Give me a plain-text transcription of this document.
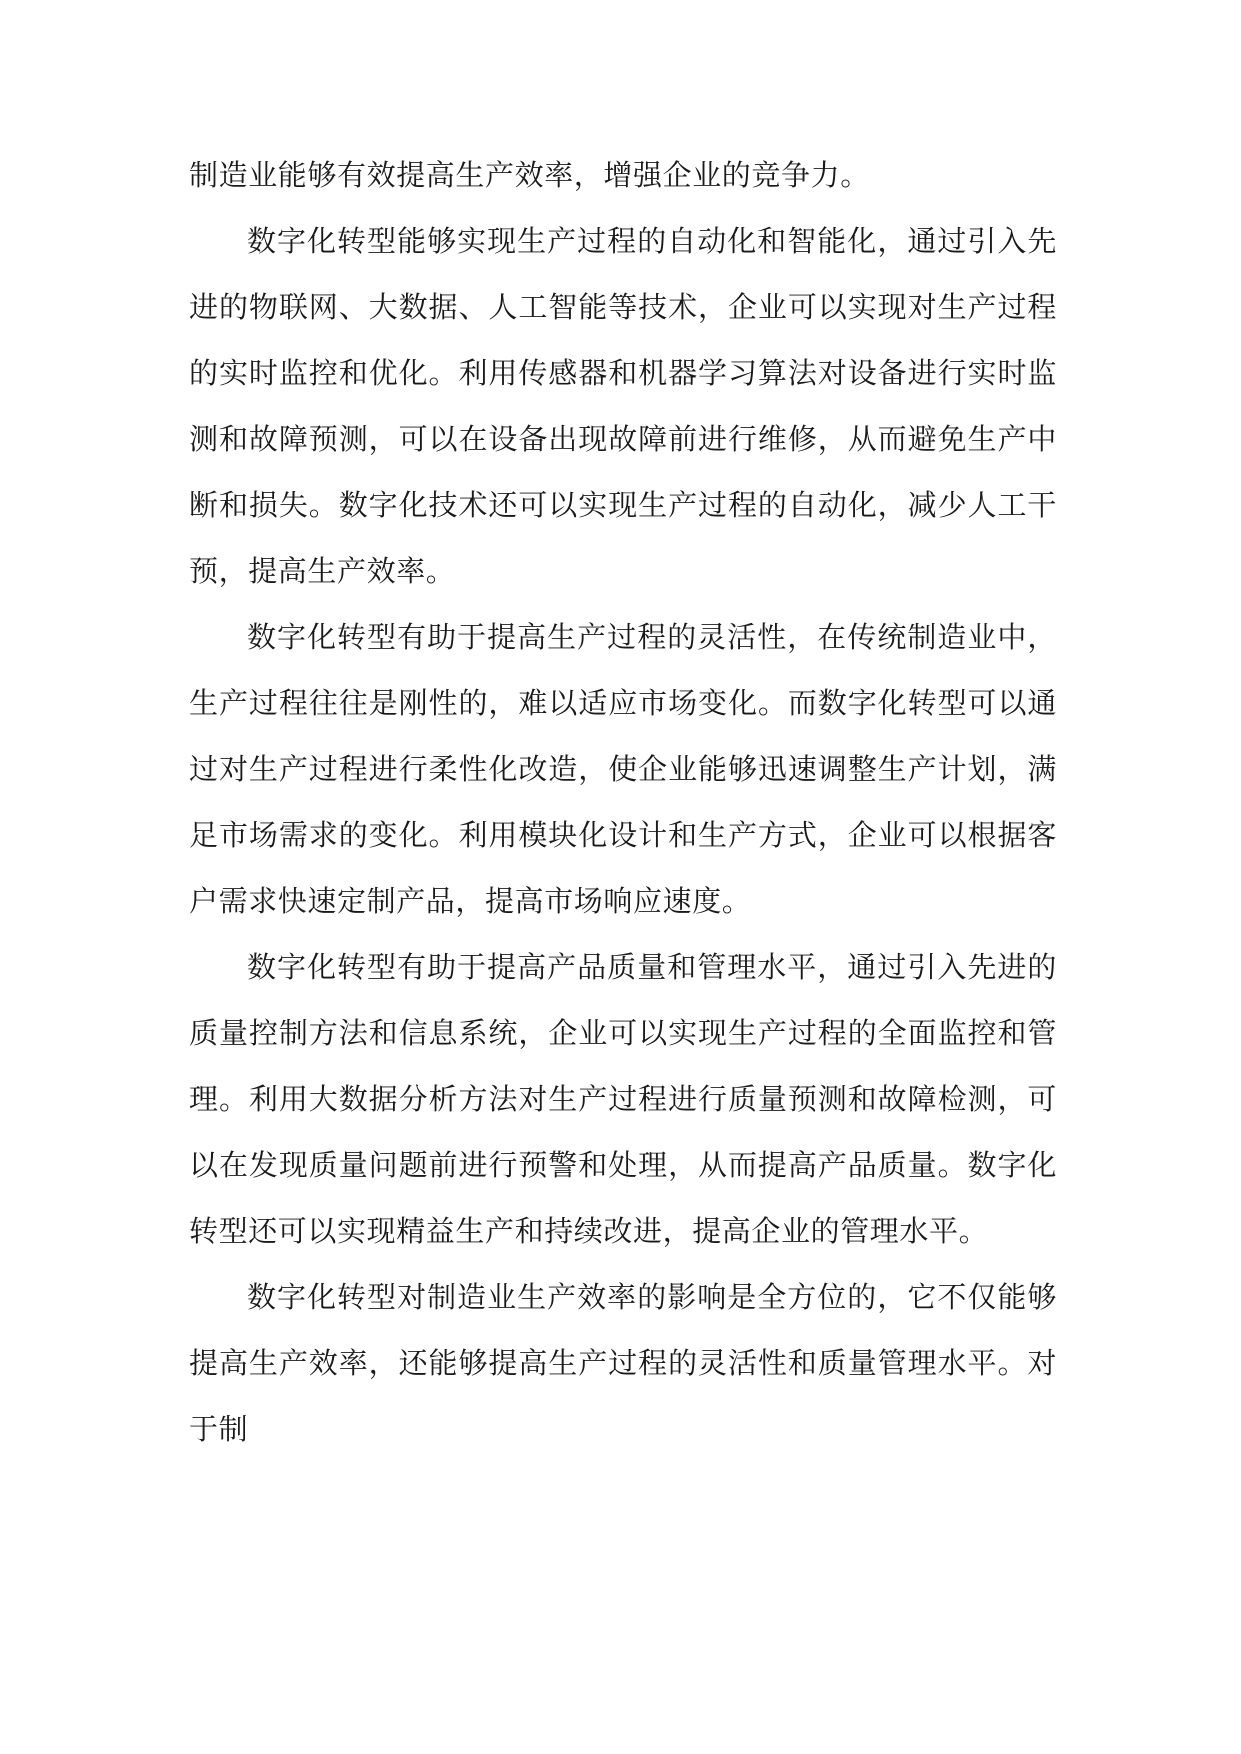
制造业能够有效提高生产效率，增强企业的竞争力。

数字化转型能够实现生产过程的自动化和智能化，通过引入先进的物联网、大数据、人工智能等技术，企业可以实现对生产过程的实时监控和优化。利用传感器和机器学习算法对设备进行实时监测和故障预测，可以在设备出现故障前进行维修，从而避免生产中断和损失。数字化技术还可以实现生产过程的自动化，减少人工干预，提高生产效率。

数字化转型有助于提高生产过程的灵活性，在传统制造业中，生产过程往往是刚性的，难以适应市场变化。而数字化转型可以通过对生产过程进行柔性化改造，使企业能够迅速调整生产计划，满足市场需求的变化。利用模块化设计和生产方式，企业可以根据客户需求快速定制产品，提高市场响应速度。

数字化转型有助于提高产品质量和管理水平，通过引入先进的质量控制方法和信息系统，企业可以实现生产过程的全面监控和管理。利用大数据分析方法对生产过程进行质量预测和故障检测，可以在发现质量问题前进行预警和处理，从而提高产品质量。数字化转型还可以实现精益生产和持续改进，提高企业的管理水平。

数字化转型对制造业生产效率的影响是全方位的，它不仅能够提高生产效率，还能够提高生产过程的灵活性和质量管理水平。对于制
